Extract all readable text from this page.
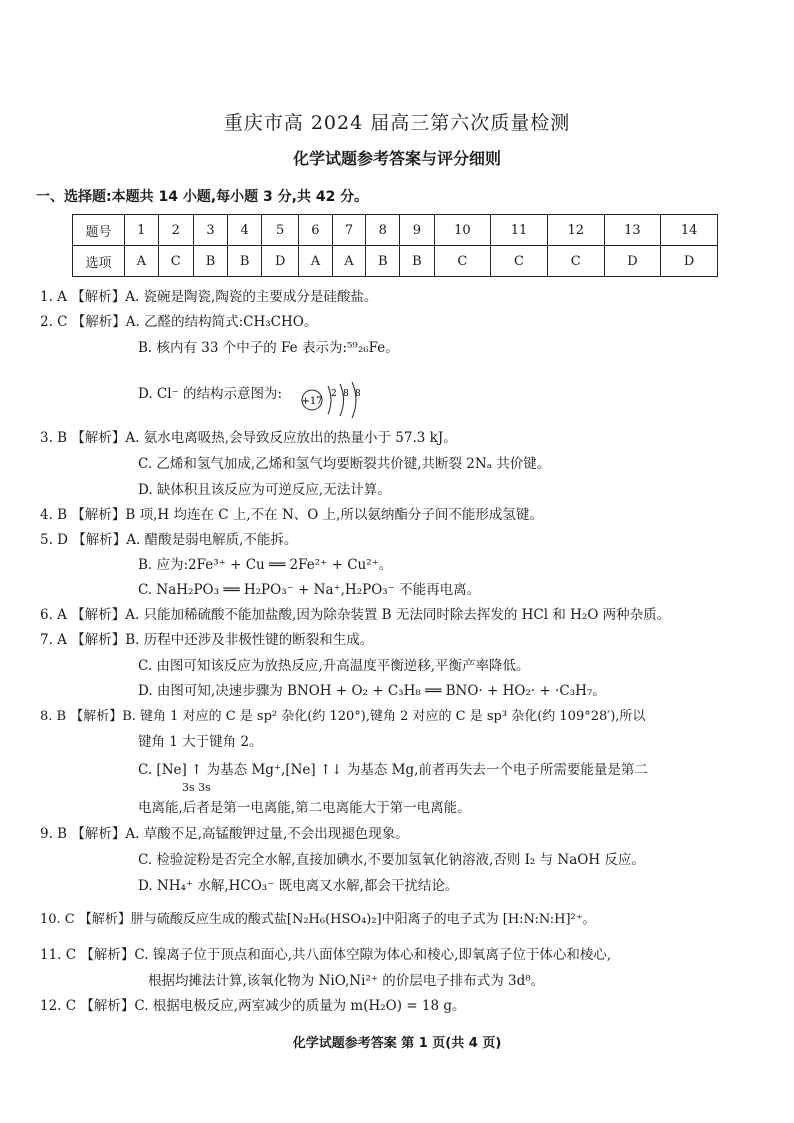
重庆市高 2024 届高三第六次质量检测
化学试题参考答案与评分细则
一、选择题:本题共 14 小题,每小题 3 分,共 42 分。
题号	1	2	3	4	5	6	7	8	9	10	11	12	13	14
选项	A	C	B	B	D	A	A	B	B	C	C	C	D	D
1. A 【解析】A. 瓷碗是陶瓷,陶瓷的主要成分是硅酸盐。
2. C 【解析】A. 乙醛的结构简式:CH₃CHO。
B. 核内有 33 个中子的 Fe 表示为:⁵⁹₂₆Fe。
D. Cl⁻ 的结构示意图为: +17
2 8 8
3. B 【解析】A. 氨水电离吸热,会导致反应放出的热量小于 57.3 kJ。
C. 乙烯和氢气加成,乙烯和氢气均要断裂共价键,共断裂 2Nₐ 共价键。
D. 缺体积且该反应为可逆反应,无法计算。
4. B 【解析】B 项,H 均连在 C 上,不在 N、O 上,所以氨纳酯分子间不能形成氢键。
5. D 【解析】A. 醋酸是弱电解质,不能拆。
B. 应为:2Fe³⁺ + Cu ══ 2Fe²⁺ + Cu²⁺。
C. NaH₂PO₃ ══ H₂PO₃⁻ + Na⁺,H₂PO₃⁻ 不能再电离。
6. A 【解析】A. 只能加稀硫酸不能加盐酸,因为除杂装置 B 无法同时除去挥发的 HCl 和 H₂O 两种杂质。
7. A 【解析】B. 历程中还涉及非极性键的断裂和生成。
C. 由图可知该反应为放热反应,升高温度平衡逆移,平衡产率降低。
D. 由图可知,决速步骤为 BNOH + O₂ + C₃H₈ ══ BNO· + HO₂· + ·C₃H₇。
8. B 【解析】B. 键角 1 对应的 C 是 sp² 杂化(约 120°),键角 2 对应的 C 是 sp³ 杂化(约 109°28′),所以
键角 1 大于键角 2。
C. [Ne] ↑ 为基态 Mg⁺,[Ne] ↑↓ 为基态 Mg,前者再失去一个电子所需要能量是第二
3s 3s
电离能,后者是第一电离能,第二电离能大于第一电离能。
9. B 【解析】A. 草酸不足,高锰酸钾过量,不会出现褪色现象。
C. 检验淀粉是否完全水解,直接加碘水,不要加氢氧化钠溶液,否则 I₂ 与 NaOH 反应。
D. NH₄⁺ 水解,HCO₃⁻ 既电离又水解,都会干扰结论。
10. C 【解析】肼与硫酸反应生成的酸式盐[N₂H₆(HSO₄)₂]中阳离子的电子式为 [H:N:N:H]²⁺。
11. C 【解析】C. 镍离子位于顶点和面心,共八面体空隙为体心和棱心,即氧离子位于体心和棱心,
根据均摊法计算,该氧化物为 NiO,Ni²⁺ 的价层电子排布式为 3d⁸。
12. C 【解析】C. 根据电极反应,两室减少的质量为 m(H₂O) = 18 g。
化学试题参考答案 第 1 页(共 4 页)
